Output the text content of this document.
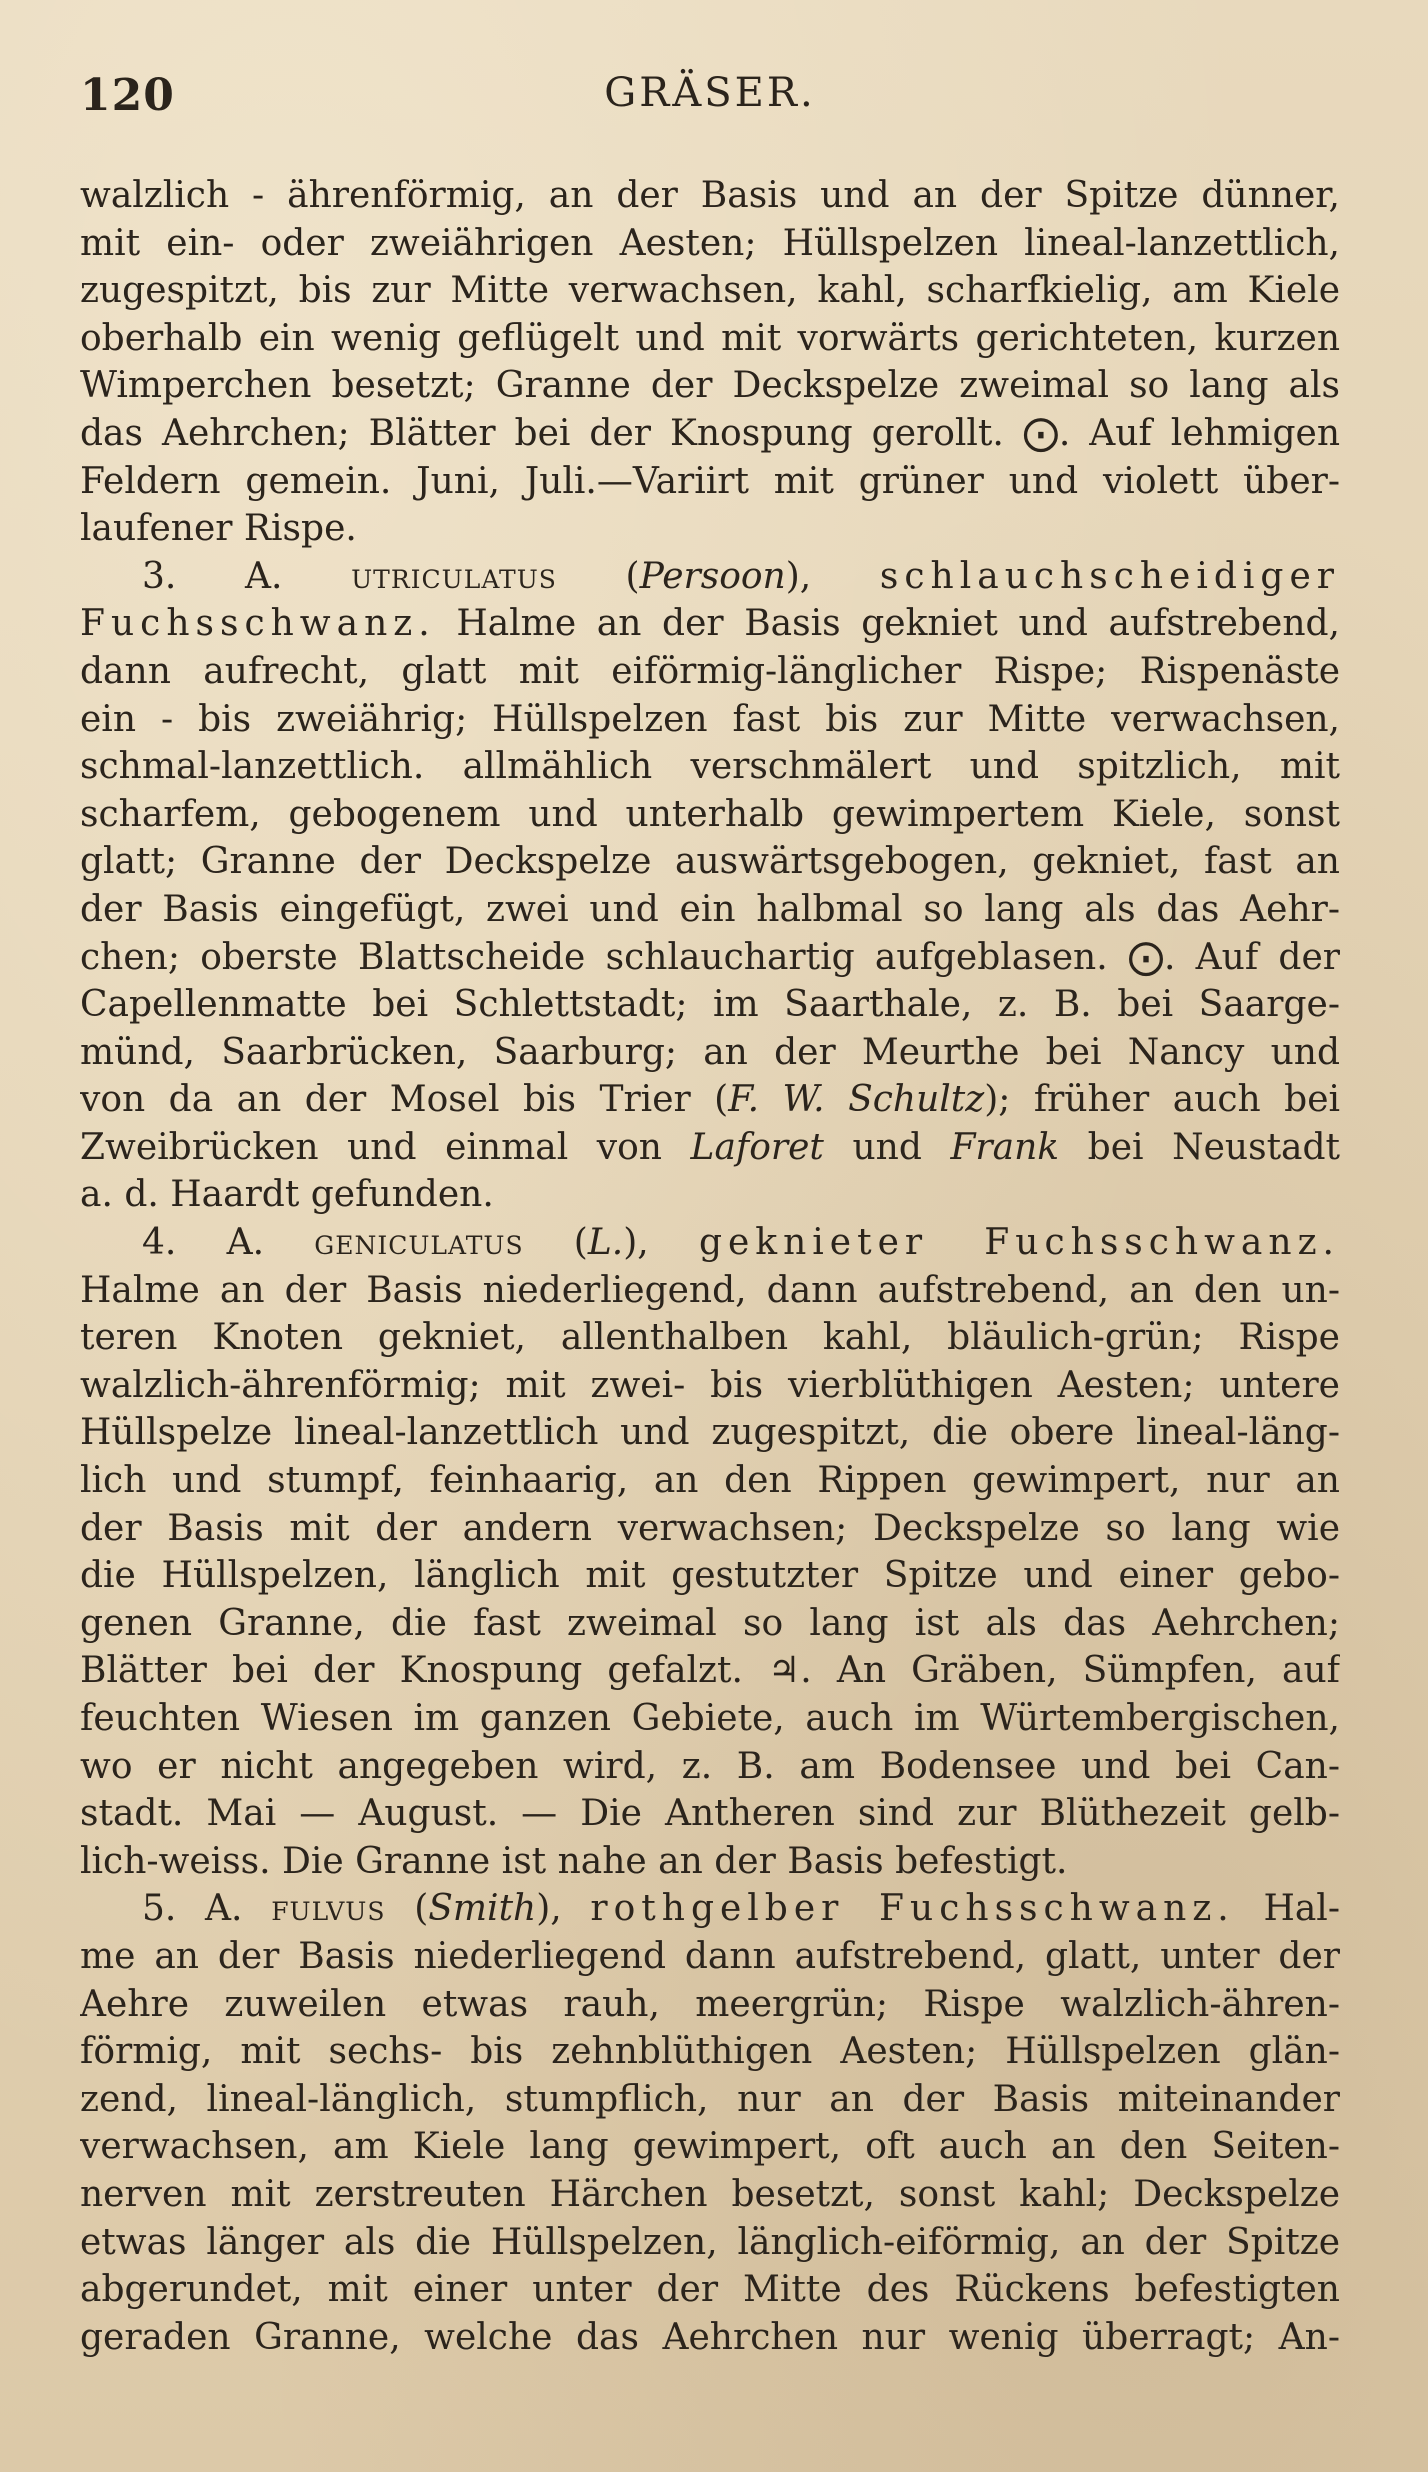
120	GRÄSER.
walzlich - ährenförmig, an der Basis und an der Spitze dünner,
mit ein- oder zweiährigen Aesten; Hüllspelzen lineal-lanzettlich,
zugespitzt, bis zur Mitte verwachsen, kahl, scharfkielig, am Kiele
oberhalb ein wenig geflügelt und mit vorwärts gerichteten, kurzen
Wimperchen besetzt; Granne der Deckspelze zweimal so lang als
das Aehrchen; Blätter bei der Knospung gerollt. ⨀. Auf lehmigen
Feldern gemein. Juni, Juli.—Variirt mit grüner und violett über-
laufener Rispe.
3. A. utriculatus (Persoon), schlauchscheidiger
Fuchsschwanz. Halme an der Basis gekniet und aufstrebend,
dann aufrecht, glatt mit eiförmig-länglicher Rispe; Rispenäste
ein - bis zweiährig; Hüllspelzen fast bis zur Mitte verwachsen,
schmal-lanzettlich. allmählich verschmälert und spitzlich, mit
scharfem, gebogenem und unterhalb gewimpertem Kiele, sonst
glatt; Granne der Deckspelze auswärtsgebogen, gekniet, fast an
der Basis eingefügt, zwei und ein halbmal so lang als das Aehr-
chen; oberste Blattscheide schlauchartig aufgeblasen. ⨀. Auf der
Capellenmatte bei Schlettstadt; im Saarthale, z. B. bei Saarge-
münd, Saarbrücken, Saarburg; an der Meurthe bei Nancy und
von da an der Mosel bis Trier (F. W. Schultz); früher auch bei
Zweibrücken und einmal von Laforet und Frank bei Neustadt
a. d. Haardt gefunden.
4. A. geniculatus (L.), geknieter Fuchsschwanz.
Halme an der Basis niederliegend, dann aufstrebend, an den un-
teren Knoten gekniet, allenthalben kahl, bläulich-grün; Rispe
walzlich-ährenförmig; mit zwei- bis vierblüthigen Aesten; untere
Hüllspelze lineal-lanzettlich und zugespitzt, die obere lineal-läng-
lich und stumpf, feinhaarig, an den Rippen gewimpert, nur an
der Basis mit der andern verwachsen; Deckspelze so lang wie
die Hüllspelzen, länglich mit gestutzter Spitze und einer gebo-
genen Granne, die fast zweimal so lang ist als das Aehrchen;
Blätter bei der Knospung gefalzt. ♃. An Gräben, Sümpfen, auf
feuchten Wiesen im ganzen Gebiete, auch im Würtembergischen,
wo er nicht angegeben wird, z. B. am Bodensee und bei Can-
stadt. Mai — August. — Die Antheren sind zur Blüthezeit gelb-
lich-weiss. Die Granne ist nahe an der Basis befestigt.
5. A. fulvus (Smith), rothgelber Fuchsschwanz. Hal-
me an der Basis niederliegend dann aufstrebend, glatt, unter der
Aehre zuweilen etwas rauh, meergrün; Rispe walzlich-ähren-
förmig, mit sechs- bis zehnblüthigen Aesten; Hüllspelzen glän-
zend, lineal-länglich, stumpflich, nur an der Basis miteinander
verwachsen, am Kiele lang gewimpert, oft auch an den Seiten-
nerven mit zerstreuten Härchen besetzt, sonst kahl; Deckspelze
etwas länger als die Hüllspelzen, länglich-eiförmig, an der Spitze
abgerundet, mit einer unter der Mitte des Rückens befestigten
geraden Granne, welche das Aehrchen nur wenig überragt; An-
